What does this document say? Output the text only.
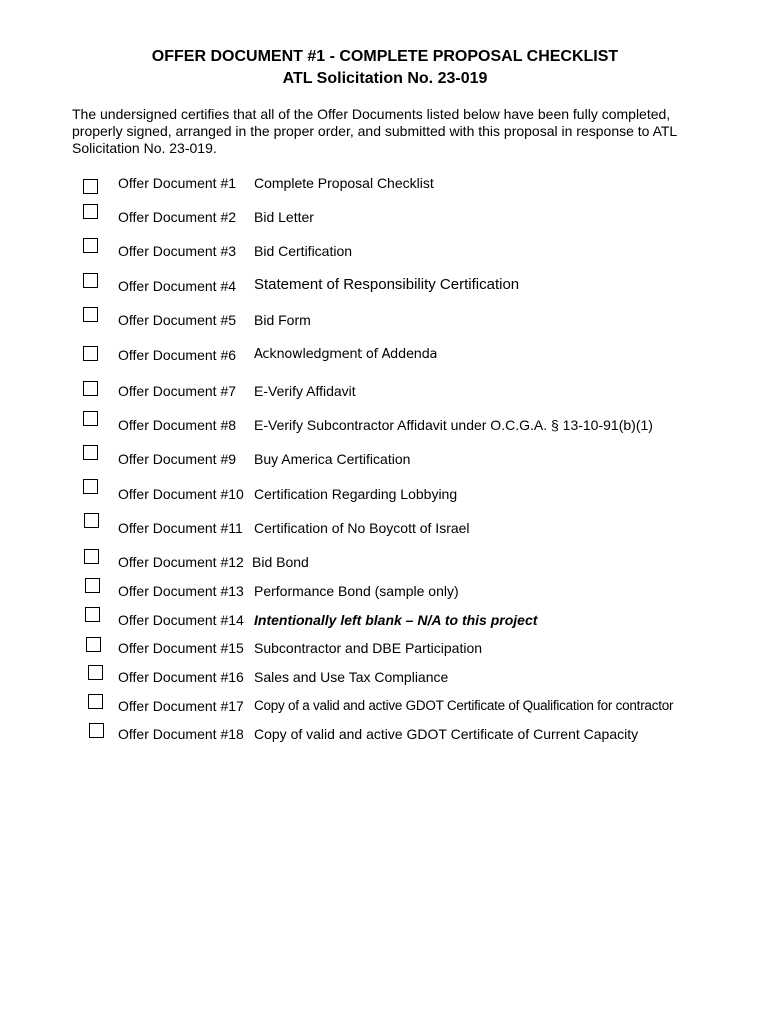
OFFER DOCUMENT #1 - COMPLETE PROPOSAL CHECKLIST
ATL Solicitation No. 23-019
The undersigned certifies that all of the Offer Documents listed below have been fully completed,
properly signed, arranged in the proper order, and submitted with this proposal in response to ATL
Solicitation No. 23-019.
Offer Document #1 Complete Proposal Checklist
Offer Document #2 Bid Letter
Offer Document #3 Bid Certification
Offer Document #4 Statement of Responsibility Certification
Offer Document #5 Bid Form
Offer Document #6 Acknowledgment of Addenda
Offer Document #7 E-Verify Affidavit
Offer Document #8 E-Verify Subcontractor Affidavit under O.C.G.A. § 13-10-91(b)(1)
Offer Document #9 Buy America Certification
Offer Document #10 Certification Regarding Lobbying
Offer Document #11 Certification of No Boycott of Israel
Offer Document #12 Bid Bond
Offer Document #13 Performance Bond (sample only)
Offer Document #14 Intentionally left blank – N/A to this project
Offer Document #15 Subcontractor and DBE Participation
Offer Document #16 Sales and Use Tax Compliance
Offer Document #17 Copy of a valid and active GDOT Certificate of Qualification for contractor
Offer Document #18 Copy of valid and active GDOT Certificate of Current Capacity
